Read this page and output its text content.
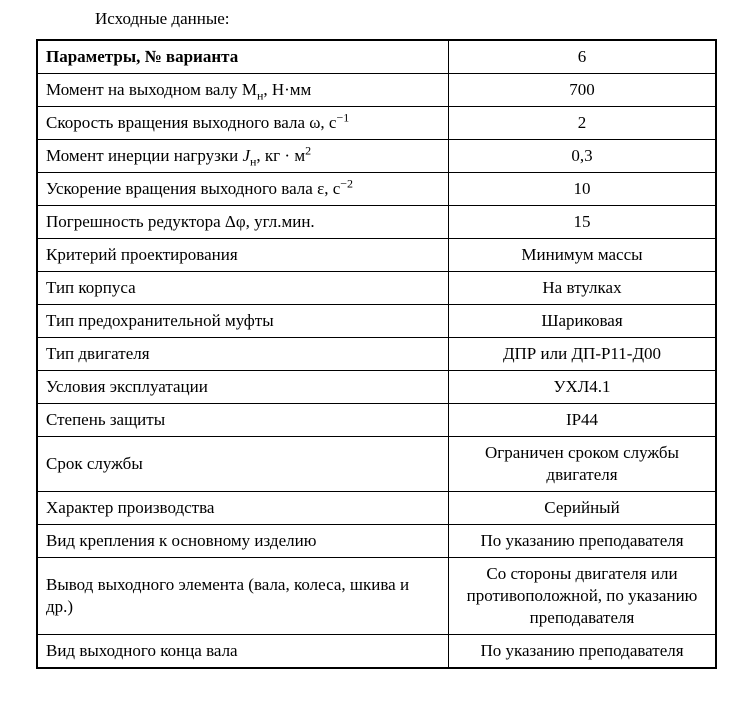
Исходные данные:
Параметры, № варианта	6
Момент на выходном валу $М_н$, Н·мм	700
Скорость вращения выходного вала ω, $с^{-1}$	2
Момент инерции нагрузки $J_н$, кг · $м^2$	0,3
Ускорение вращения выходного вала ε, $с^{-2}$	10
Погрешность редуктора Δφ, угл.мин.	15
Критерий проектирования	Минимум массы
Тип корпуса	На втулках
Тип предохранительной муфты	Шариковая
Тип двигателя	ДПР или ДП-Р11-Д00
Условия эксплуатации	УХЛ4.1
Степень защиты	IP44
Срок службы	Ограничен сроком службы двигателя
Характер производства	Серийный
Вид крепления к основному изделию	По указанию преподавателя
Вывод выходного элемента (вала, колеса, шкива и др.)	Со стороны двигателя или противоположной, по указанию преподавателя
Вид выходного конца вала	По указанию преподавателя
